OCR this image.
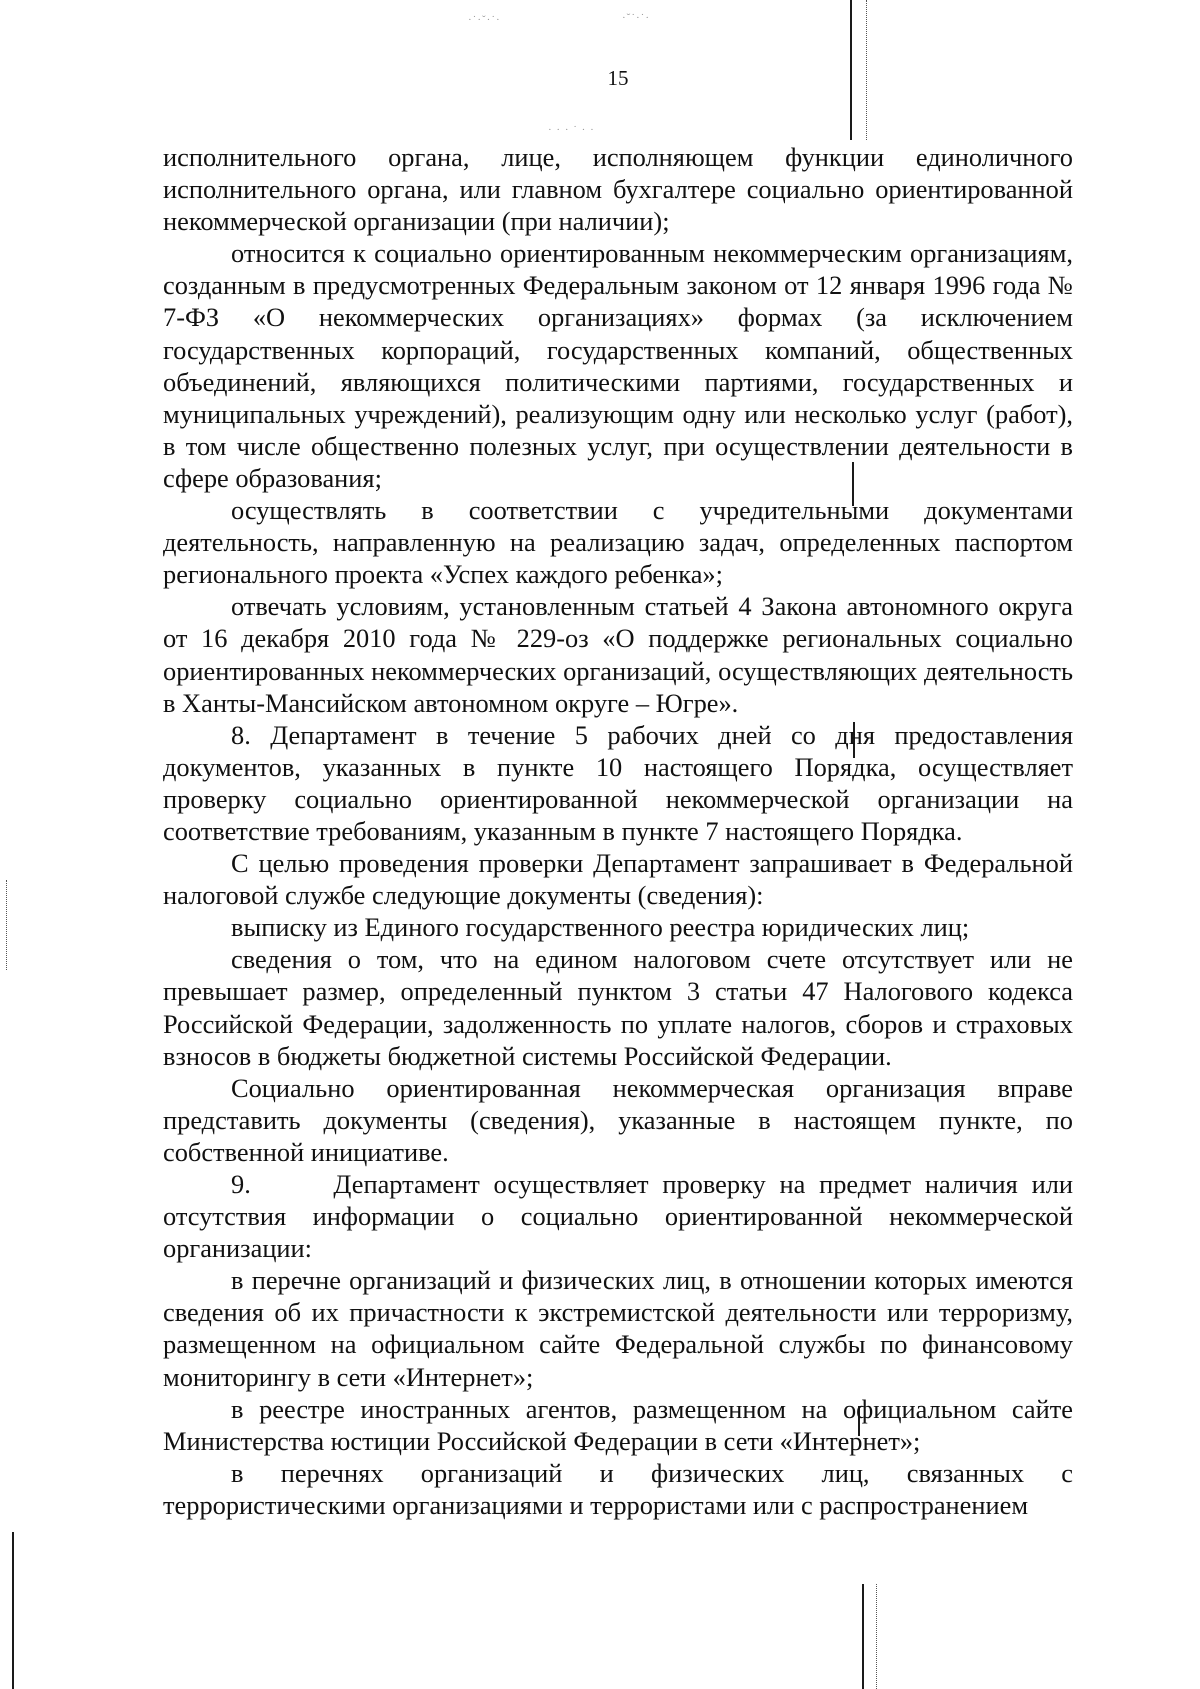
·˙·ˇ·˙·	·ˇ˙·˙·
· · · ˙ · ·
15

исполнительного органа, лице, исполняющем функции единоличного исполнительного органа, или главном бухгалтере социально ориентированной некоммерческой организации (при наличии);

относится к социально ориентированным некоммерческим организациям, созданным в предусмотренных Федеральным законом от 12 января 1996 года № 7-ФЗ «О некоммерческих организациях» формах (за исключением государственных корпораций, государственных компаний, общественных объединений, являющихся политическими партиями, государственных и муниципальных учреждений), реализующим одну или несколько услуг (работ), в том числе общественно полезных услуг, при осуществлении деятельности в сфере образования;

осуществлять в соответствии с учредительными документами деятельность, направленную на реализацию задач, определенных паспортом регионального проекта «Успех каждого ребенка»;

отвечать условиям, установленным статьей 4 Закона автономного округа от 16 декабря 2010 года № 229-оз «О поддержке региональных социально ориентированных некоммерческих организаций, осуществляющих деятельность в Ханты-Мансийском автономном округе – Югре».

8. Департамент в течение 5 рабочих дней со дня предоставления документов, указанных в пункте 10 настоящего Порядка, осуществляет проверку социально ориентированной некоммерческой организации на соответствие требованиям, указанным в пункте 7 настоящего Порядка.

С целью проведения проверки Департамент запрашивает в Федеральной налоговой службе следующие документы (сведения):

выписку из Единого государственного реестра юридических лиц;

сведения о том, что на едином налоговом счете отсутствует или не превышает размер, определенный пунктом 3 статьи 47 Налогового кодекса Российской Федерации, задолженность по уплате налогов, сборов и страховых взносов в бюджеты бюджетной системы Российской Федерации.

Социально ориентированная некоммерческая организация вправе представить документы (сведения), указанные в настоящем пункте, по собственной инициативе.

9.      Департамент осуществляет проверку на предмет наличия или отсутствия информации о социально ориентированной некоммерческой организации:

в перечне организаций и физических лиц, в отношении которых имеются сведения об их причастности к экстремистской деятельности или терроризму, размещенном на официальном сайте Федеральной службы по финансовому мониторингу в сети «Интернет»;

в реестре иностранных агентов, размещенном на официальном сайте Министерства юстиции Российской Федерации в сети «Интернет»;

в перечнях организаций и физических лиц, связанных с террористическими организациями и террористами или с распространением
